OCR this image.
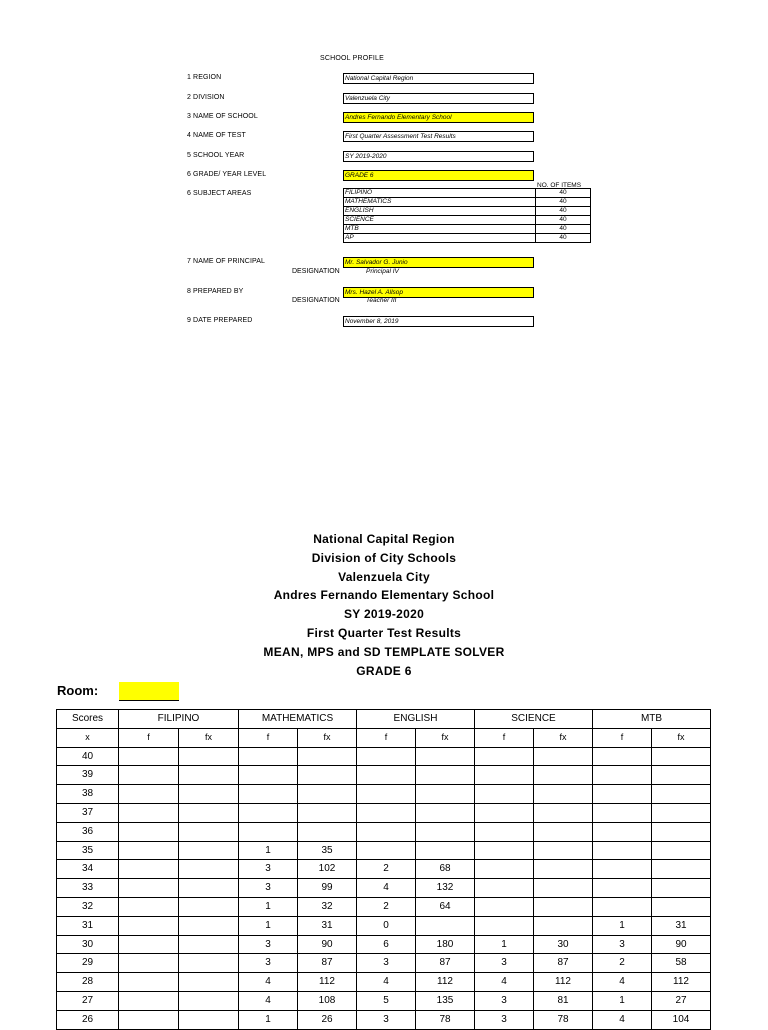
SCHOOL PROFILE
1 REGION	National Capital Region
2 DIVISION	Valenzuela City
3 NAME OF SCHOOL	Andres Fernando Elementary School
4 NAME OF TEST	First Quarter Assessment Test Results
5 SCHOOL YEAR	SY 2019-2020
6 GRADE/ YEAR LEVEL	GRADE 6
NO. OF ITEMS
6 SUBJECT AREAS	FILIPINO	40
MATHEMATICS	40
ENGLISH	40
SCIENCE	40
MTB	40
AP	40
7 NAME OF PRINCIPAL	Mr. Salvador G. Junio
DESIGNATION	Principal IV
8 PREPARED BY	Mrs. Hazel A. Allsop
DESIGNATION	Teacher III
9 DATE PREPARED	November 8, 2019
National Capital Region
Division of City Schools
Valenzuela City
Andres Fernando Elementary School
SY 2019-2020
First Quarter Test Results
MEAN, MPS and SD TEMPLATE SOLVER
GRADE 6
Room:
Scores	FILIPINO		MATHEMATICS		ENGLISH		SCIENCE		MTB	
x	f	fx	f	fx	f	fx	f	fx	f	fx
40										
39										
38										
37										
36										
35			1	35						
34			3	102	2	68				
33			3	99	4	132				
32			1	32	2	64				
31			1	31	0				1	31
30			3	90	6	180	1	30	3	90
29			3	87	3	87	3	87	2	58
28			4	112	4	112	4	112	4	112
27			4	108	5	135	3	81	1	27
26			1	26	3	78	3	78	4	104
